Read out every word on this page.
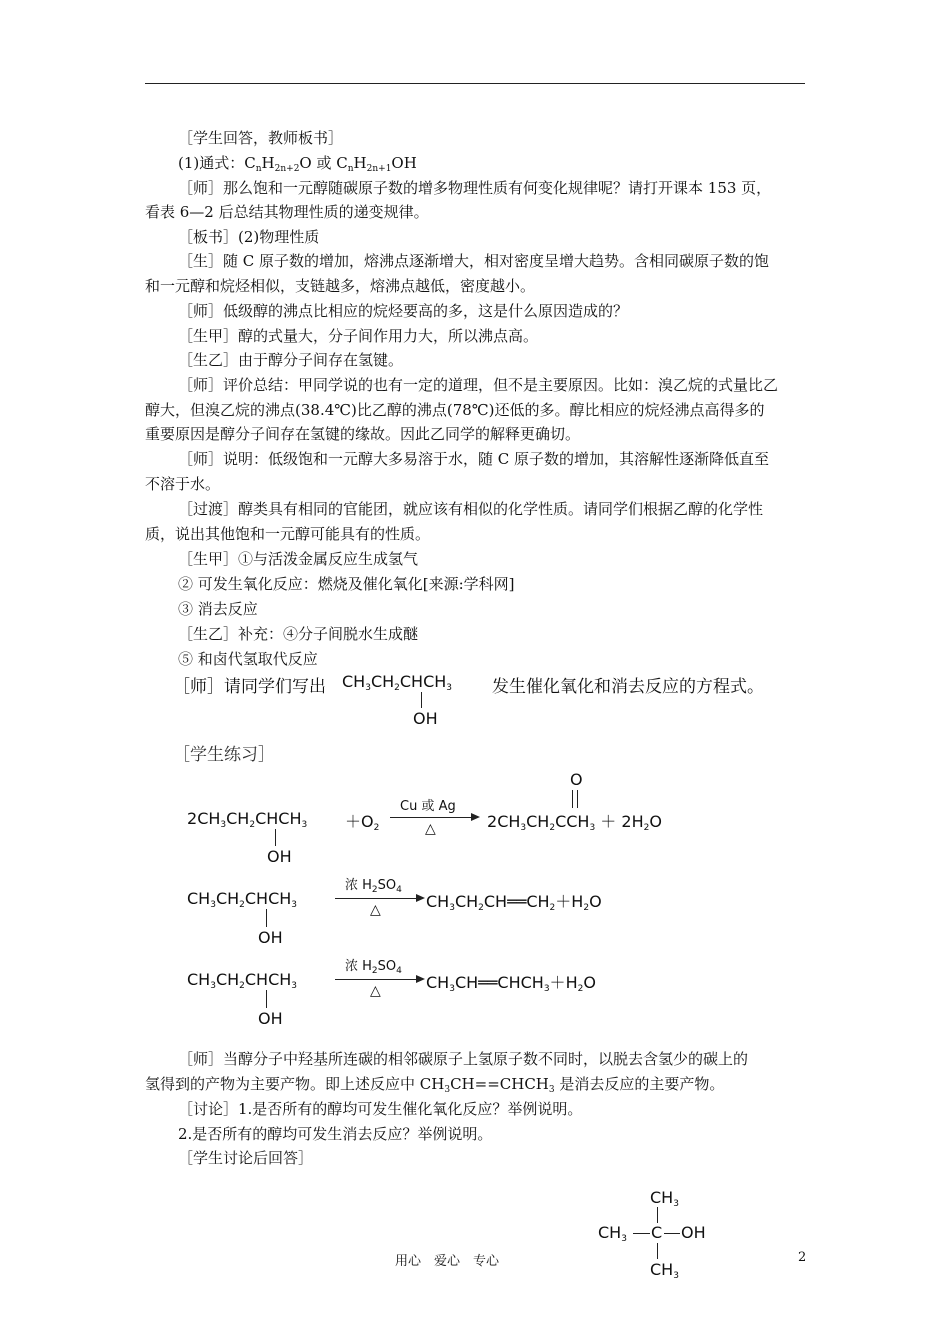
［学生回答，教师板书］
(1)通式：$C_nH_{2n+2}O$ 或 $C_nH_{2n+1}OH$
［师］那么饱和一元醇随碳原子数的增多物理性质有何变化规律呢？请打开课本 153 页，
看表 6—2 后总结其物理性质的递变规律。
［板书］(2)物理性质
［生］随 C 原子数的增加，熔沸点逐渐增大，相对密度呈增大趋势。含相同碳原子数的饱
和一元醇和烷烃相似，支链越多，熔沸点越低，密度越小。
［师］低级醇的沸点比相应的烷烃要高的多，这是什么原因造成的？
［生甲］醇的式量大，分子间作用力大，所以沸点高。
［生乙］由于醇分子间存在氢键。
［师］评价总结：甲同学说的也有一定的道理，但不是主要原因。比如：溴乙烷的式量比乙
醇大，但溴乙烷的沸点(38.4℃)比乙醇的沸点(78℃)还低的多。醇比相应的烷烃沸点高得多的
重要原因是醇分子间存在氢键的缘故。因此乙同学的解释更确切。
［师］说明：低级饱和一元醇大多易溶于水，随 C 原子数的增加，其溶解性逐渐降低直至
不溶于水。
［过渡］醇类具有相同的官能团，就应该有相似的化学性质。请同学们根据乙醇的化学性
质，说出其他饱和一元醇可能具有的性质。
［生甲］①与活泼金属反应生成氢气
② 可发生氧化反应：燃烧及催化氧化[来源:学科网]
③ 消去反应
［生乙］补充：④分子间脱水生成醚
⑤ 和卤代氢取代反应
［师］请同学们写出 $CH_3CH_2CHCH_3$
OH
发生催化氧化和消去反应的方程式。
［学生练习］
O
$2CH_3CH_2CHCH_3 +O_2$
Cu 或 Ag
△	$2CH_3CH_2CCH_3 + 2H_2O$
OH
$CH_3CH_2CHCH_3$
浓 $H_2SO_4$
△	$CH_3CH_2CH══CH_2+H_2O$
OH
$CH_3CH_2CHCH_3$
浓 $H_2SO_4$
△	$CH_3CH══CHCH_3+H_2O$
OH
［师］当醇分子中羟基所连碳的相邻碳原子上氢原子数不同时，以脱去含氢少的碳上的
氢得到的产物为主要产物。即上述反应中 $CH_3CH==CHCH_3$ 是消去反应的主要产物。
［讨论］1.是否所有的醇均可发生催化氧化反应？举例说明。
2.是否所有的醇均可发生消去反应？举例说明。
［学生讨论后回答］
$CH_3$
$CH_3$ C OH
$CH_3$
用心　爱心　专心	2
